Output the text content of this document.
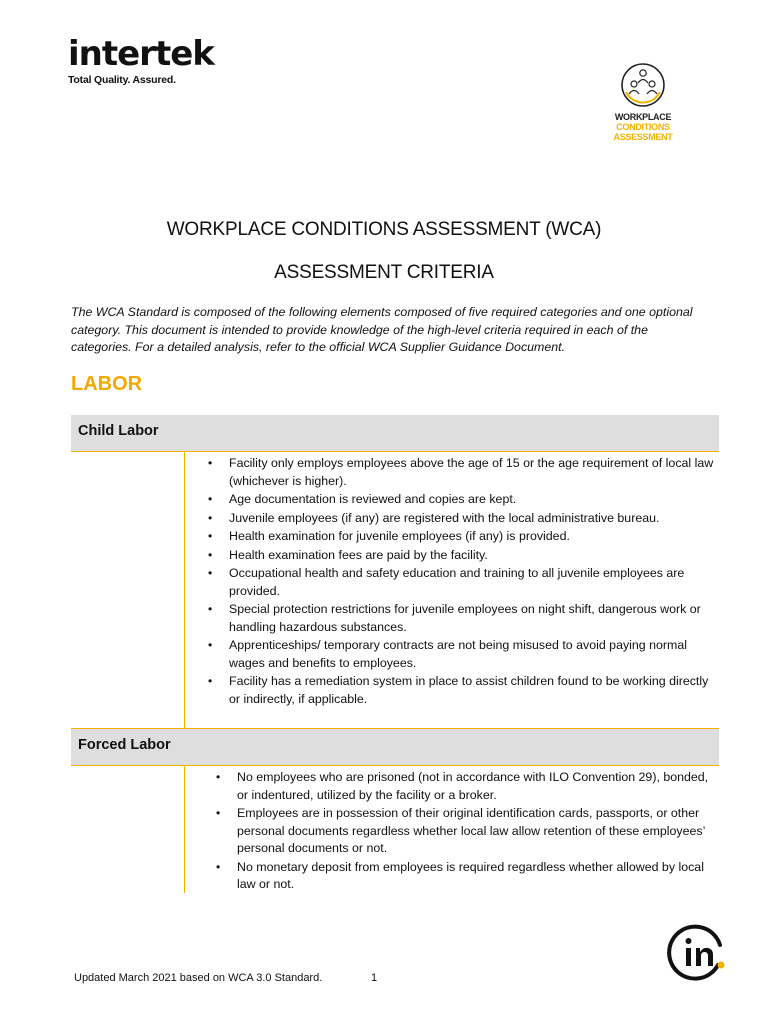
intertek
Total Quality. Assured.
WORKPLACE
CONDITIONS
ASSESSMENT
WORKPLACE CONDITIONS ASSESSMENT (WCA)
ASSESSMENT CRITERIA
The WCA Standard is composed of the following elements composed of five required categories and one optional category. This document is intended to provide knowledge of the high-level criteria required in each of the categories. For a detailed analysis, refer to the official WCA Supplier Guidance Document.
LABOR
Child Labor
• Facility only employs employees above the age of 15 or the age requirement of local law (whichever is higher).
• Age documentation is reviewed and copies are kept.
• Juvenile employees (if any) are registered with the local administrative bureau.
• Health examination for juvenile employees (if any) is provided.
• Health examination fees are paid by the facility.
• Occupational health and safety education and training to all juvenile employees are provided.
• Special protection restrictions for juvenile employees on night shift, dangerous work or handling hazardous substances.
• Apprenticeships/ temporary contracts are not being misused to avoid paying normal wages and benefits to employees.
• Facility has a remediation system in place to assist children found to be working directly or indirectly, if applicable.
Forced Labor
• No employees who are prisoned (not in accordance with ILO Convention 29), bonded, or indentured, utilized by the facility or a broker.
• Employees are in possession of their original identification cards, passports, or other personal documents regardless whether local law allow retention of these employees’ personal documents or not.
• No monetary deposit from employees is required regardless whether allowed by local law or not.
Updated March 2021 based on WCA 3.0 Standard.	1
